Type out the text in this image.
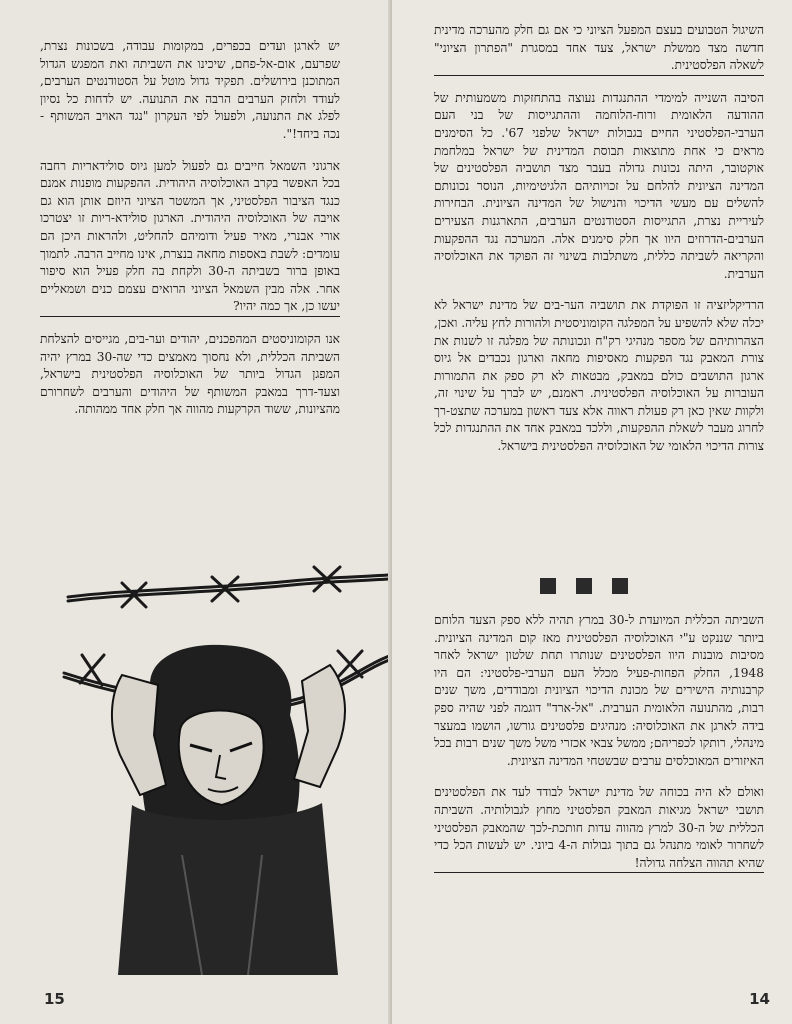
יש לארגן ועדים בכפרים, במקומות עבודה, בשכונות נצרת, שפרעם, אום-אל-פחם, שיכינו את השביתה ואת המפגש הגדול המתוכנן בירושלים. תפקיד גדול מוטל על הסטודנטים הערבים, לעודד ולחזק הערבים הרבה את התנועה. יש לדחות כל נסיון לפלג את התנועה, ולפעול לפי העקרון "נגד האויב המשותף - נכה ביחד!".

ארגוני השמאל חייבים גם לפעול למען גיוס סולידאריות רחבה בכל האפשר בקרב האוכלוסיה היהודית. ההפקעות מופנות אמנם כנגד הציבור הפלסטיני, אך המשטר הציוני היוזם אותן הוא גם אויבה של האוכלוסיה היהודית. הארגון סולידא-ריות זו יצטרכו אורי אבנרי, מאיר פעיל ודומיהם להחליט, ולהראות היכן הם עומדים: לשבת באספות מחאה בנצרת, אינו מחייב הרבה. לתמוך באופן ברור בשביתה ה-30 ולקחת בה חלק פעיל הוא סיפור אחר. אלה מבין השמאל הציוני הרואים עצמם כנים ושמאליים יעשו כן, אך כמה יהיו?

אנו הקומוניסטים המהפכנים, יהודים וער-בים, מגייסים להצלחת השביתה הכללית, ולא נחסוך מאמצים כדי שה-30 במרץ יהיה המפגן הגדול ביותר של האוכלוסיה הפלסטינית בישראל, וצעד-דרך במאבק המשותף של היהודים והערבים לשחרורם מהציונות, ששוד הקרקעות מהווה אך חלק אחד ממהותה.

15

השיגול הטבועים בעצם המפעל הציוני כי אם גם חלק מהערכה מדינית חדשה מצד ממשלת ישראל, צעד אחד במסגרת "הפתרון הציוני" לשאלה הפלסטינית.

הסיבה השנייה למימדי ההתנגדות נעוצה בהתחזקות משמעותית של ההודעה הלאומית ורוח-הלוחמה וההתגייסות של בני העם הערבי-הפלסטיני החיים בגבולות ישראל שלפני 67'. כל הסימנים מראים כי אחת מתוצאות תבוסת המדינית של ישראל במלחמת אוקטובר, היתה נכונות גדולה בעבר מצד תושביה הפלסטינים של המדינה הציונית להלחם על זכויותיהם הלגיטימיות, הנוסר נכונותם להשלים עם מעשי הדיכוי והנישול של המדינה הציונית. הבחירות לעיריית נצרת, התגייסות הסטודנטים הערבים, התארגנות הצעירים הערבים-הדרוזים היוו אך חלק סימנים אלה. המערכה נגד ההפקעות והקריאה לשביתה כללית, משתלבות בשינוי זה הפוקד את האוכלוסיה הערבית.

הרדיקליזציה זו הפוקדת את תושביה הער-בים של מדינת ישראל לא יכלה שלא להשפיע על המפלגה הקומוניסטית ולהורות לחץ עליה. ואכן, הצהרותיהם של מספר מנהיגי רק"ח ונכונותה של מפלגה זו לשנות את צורת המאבק נגד הפקעות מאסיפות מחאה וארגון נכבדים אל גיוס ארגון התושבים כולם במאבק, מבטאות לא רק ספק את התמורות העוברות על האוכלוסיה הפלסטינית. ראמנם, יש לברך על שינוי זה, ולקוות שאין כאן רק פעולת ראווה אלא צעד ראשון במערכה שתצט-רך לחרוג מעבר לשאלת ההפקעות, וללכד במאבק אחד את ההתנגדות לכל צורות הדיכוי הלאומי של האוכלוסיה הפלסטינית בישראל.

השביתה הכללית המיועדת ל-30 במרץ תהיה ללא ספק הצעד הלוחם ביותר שננקט ע"י האוכלוסיה הפלסטינית מאז קום המדינה הציונית. מסיבות מובנות היוו הפלסטינים שנותרו תחת שלטון ישראל לאחר 1948, החלק הפחות-פעיל מכלל העם הערבי-פלסטיני: הם היו קרבנותיה הישירים של מכונת הדיכוי הציונית ומבודדים, משך שנים רבות, מהתנועה הלאומית הערבית. "אל-ארד" דוגמה לפני שהיה ספק בידה לארגן את האוכלוסיה: מנהיגים פלסטינים גורשו, הושמו במעצר מינהלי, רותקו לכפריהם; ממשל צבאי אכזרי משל משך שנים רבות בכל האיזורים המאוכלסים ערבים שבשטחי המדינה הציונית.

ואולם לא היה בכוחה של מדינת ישראל לבודד לעד את הפלסטינים תושבי ישראל מגיאות המאבק הפלסטיני מחוץ לגבולותיה. השביתה הכללית של ה-30 למרץ מהווה עדות חותכת-לכך שהמאבק הפלסטיני לשחרור לאומי מתנהל גם בתוך גבולות ה-4 ביוני. יש לעשות הכל כדי שהיא תהווה הצלחה גדולה!

14
